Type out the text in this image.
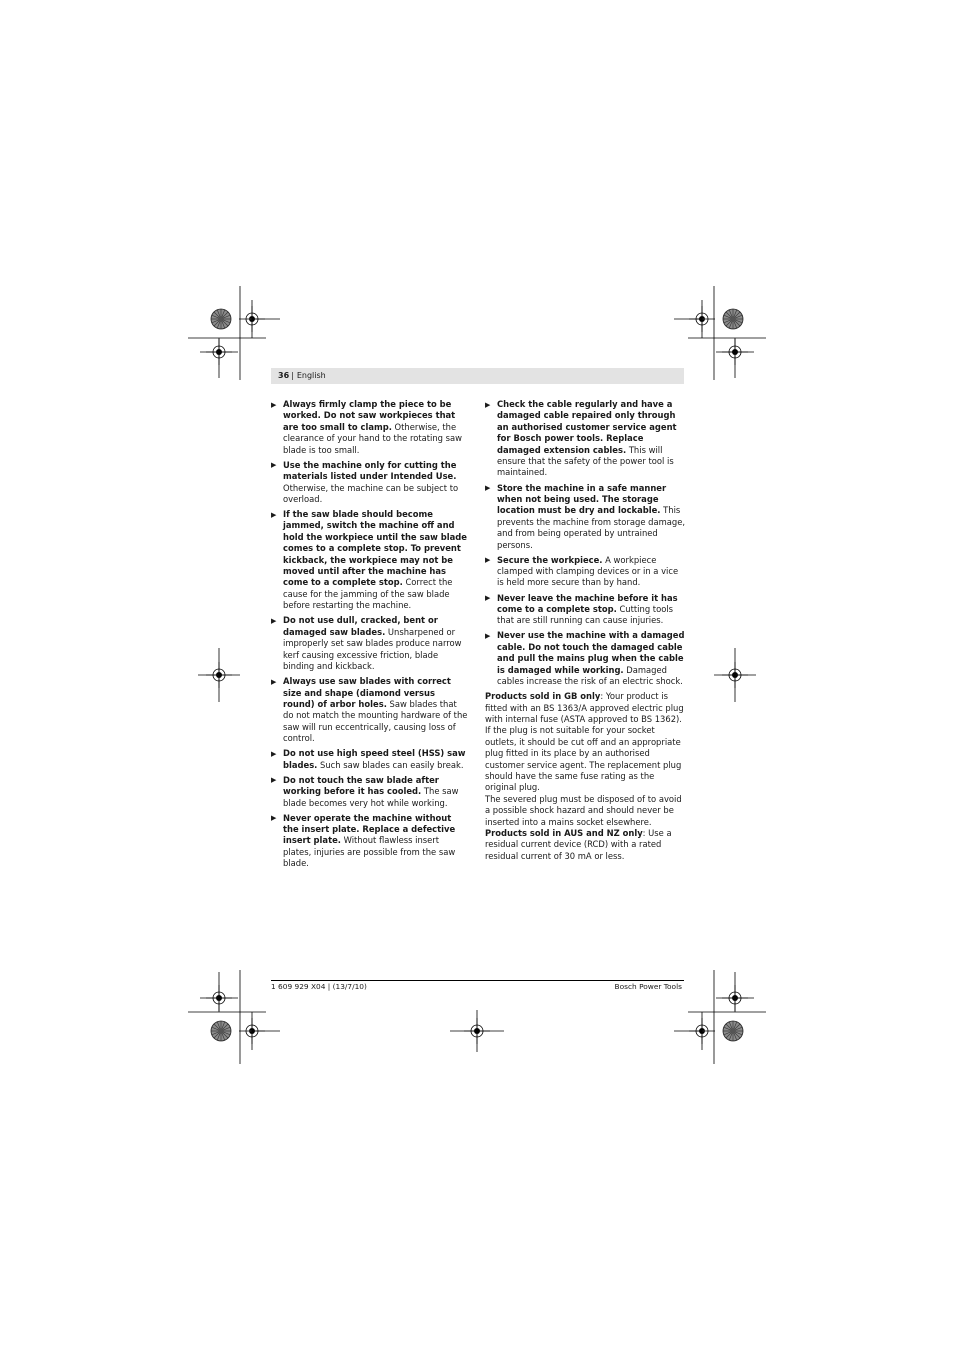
36 | English
▶ Always firmly clamp the piece to be worked. Do not saw workpieces that are too small to clamp. Otherwise, the clearance of your hand to the rotating saw blade is too small.
▶ Use the machine only for cutting the materials listed under Intended Use. Otherwise, the machine can be subject to overload.
▶ If the saw blade should become jammed, switch the machine off and hold the workpiece until the saw blade comes to a complete stop. To prevent kickback, the workpiece may not be moved until after the machine has come to a complete stop. Correct the cause for the jamming of the saw blade before restarting the machine.
▶ Do not use dull, cracked, bent or damaged saw blades. Unsharpened or improperly set saw blades produce narrow kerf causing excessive friction, blade binding and kickback.
▶ Always use saw blades with correct size and shape (diamond versus round) of arbor holes. Saw blades that do not match the mounting hardware of the saw will run eccentrically, causing loss of control.
▶ Do not use high speed steel (HSS) saw blades. Such saw blades can easily break.
▶ Do not touch the saw blade after working before it has cooled. The saw blade becomes very hot while working.
▶ Never operate the machine without the insert plate. Replace a defective insert plate. Without flawless insert plates, injuries are possible from the saw blade.
▶ Check the cable regularly and have a damaged cable repaired only through an authorised customer service agent for Bosch power tools. Replace damaged extension cables. This will ensure that the safety of the power tool is maintained.
▶ Store the machine in a safe manner when not being used. The storage location must be dry and lockable. This prevents the machine from storage damage, and from being operated by untrained persons.
▶ Secure the workpiece. A workpiece clamped with clamping devices or in a vice is held more secure than by hand.
▶ Never leave the machine before it has come to a complete stop. Cutting tools that are still running can cause injuries.
▶ Never use the machine with a damaged cable. Do not touch the damaged cable and pull the mains plug when the cable is damaged while working. Damaged cables increase the risk of an electric shock.
Products sold in GB only: Your product is fitted with an BS 1363/A approved electric plug with internal fuse (ASTA approved to BS 1362).
If the plug is not suitable for your socket outlets, it should be cut off and an appropriate plug fitted in its place by an authorised customer service agent. The replacement plug should have the same fuse rating as the original plug.
The severed plug must be disposed of to avoid a possible shock hazard and should never be inserted into a mains socket elsewhere.
Products sold in AUS and NZ only: Use a residual current device (RCD) with a rated residual current of 30 mA or less.
1 609 929 X04 | (13/7/10)	Bosch Power Tools
